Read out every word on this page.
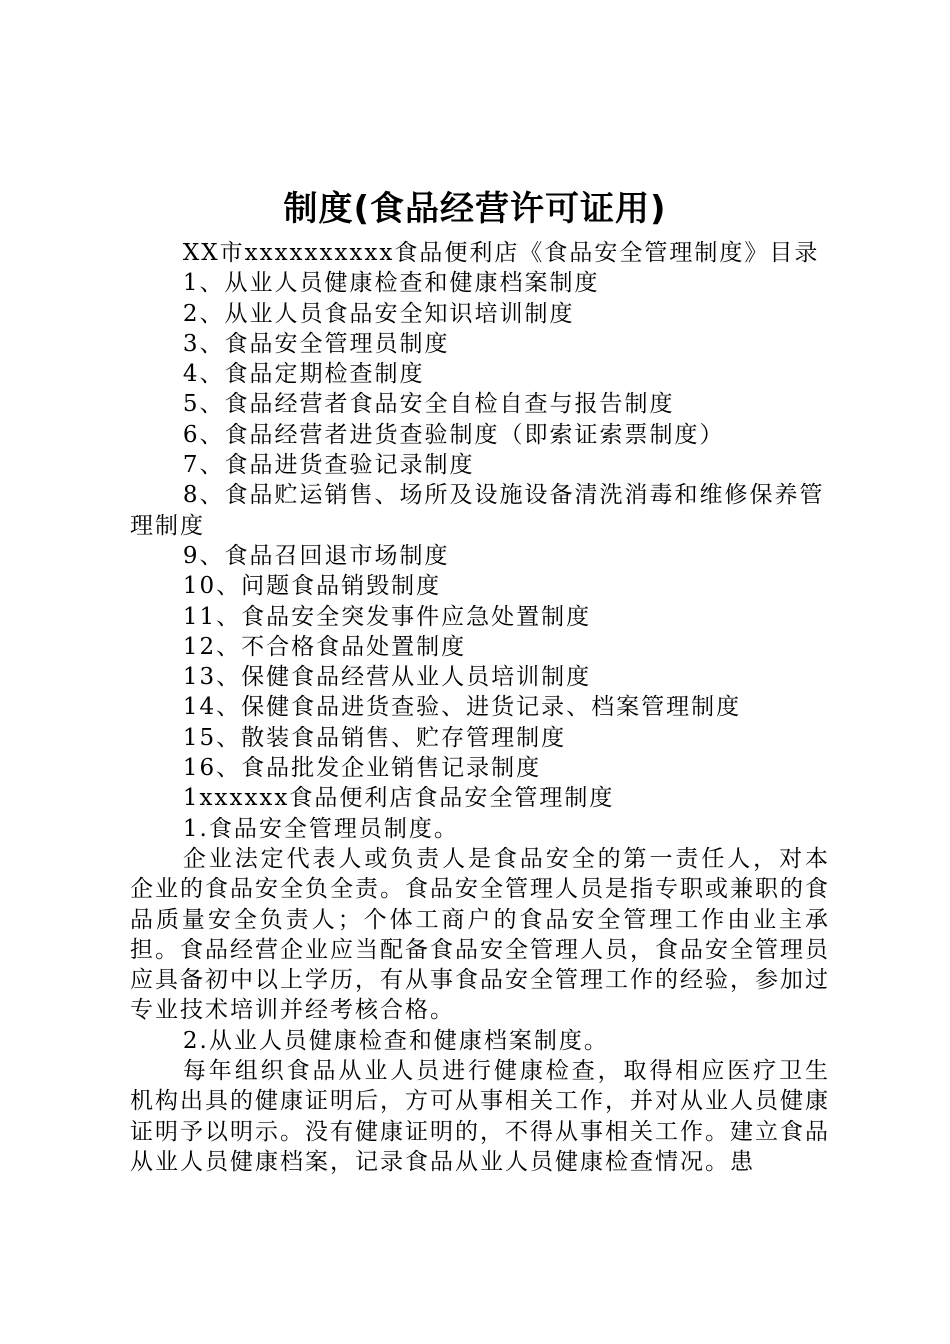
制度(食品经营许可证用)

XX市xxxxxxxxxx食品便利店《食品安全管理制度》目录

1、从业人员健康检查和健康档案制度

2、从业人员食品安全知识培训制度

3、食品安全管理员制度

4、食品定期检查制度

5、食品经营者食品安全自检自查与报告制度

6、食品经营者进货查验制度（即索证索票制度）

7、食品进货查验记录制度

8、食品贮运销售、场所及设施设备清洗消毒和维修保养管理制度

9、食品召回退市场制度

10、问题食品销毁制度

11、食品安全突发事件应急处置制度

12、不合格食品处置制度

13、保健食品经营从业人员培训制度

14、保健食品进货查验、进货记录、档案管理制度

15、散装食品销售、贮存管理制度

16、食品批发企业销售记录制度

1xxxxxx食品便利店食品安全管理制度

1.食品安全管理员制度。

企业法定代表人或负责人是食品安全的第一责任人，对本企业的食品安全负全责。食品安全管理人员是指专职或兼职的食品质量安全负责人；个体工商户的食品安全管理工作由业主承担。食品经营企业应当配备食品安全管理人员，食品安全管理员应具备初中以上学历，有从事食品安全管理工作的经验，参加过专业技术培训并经考核合格。

2.从业人员健康检查和健康档案制度。

每年组织食品从业人员进行健康检查，取得相应医疗卫生机构出具的健康证明后，方可从事相关工作，并对从业人员健康证明予以明示。没有健康证明的，不得从事相关工作。建立食品从业人员健康档案，记录食品从业人员健康检查情况。患
